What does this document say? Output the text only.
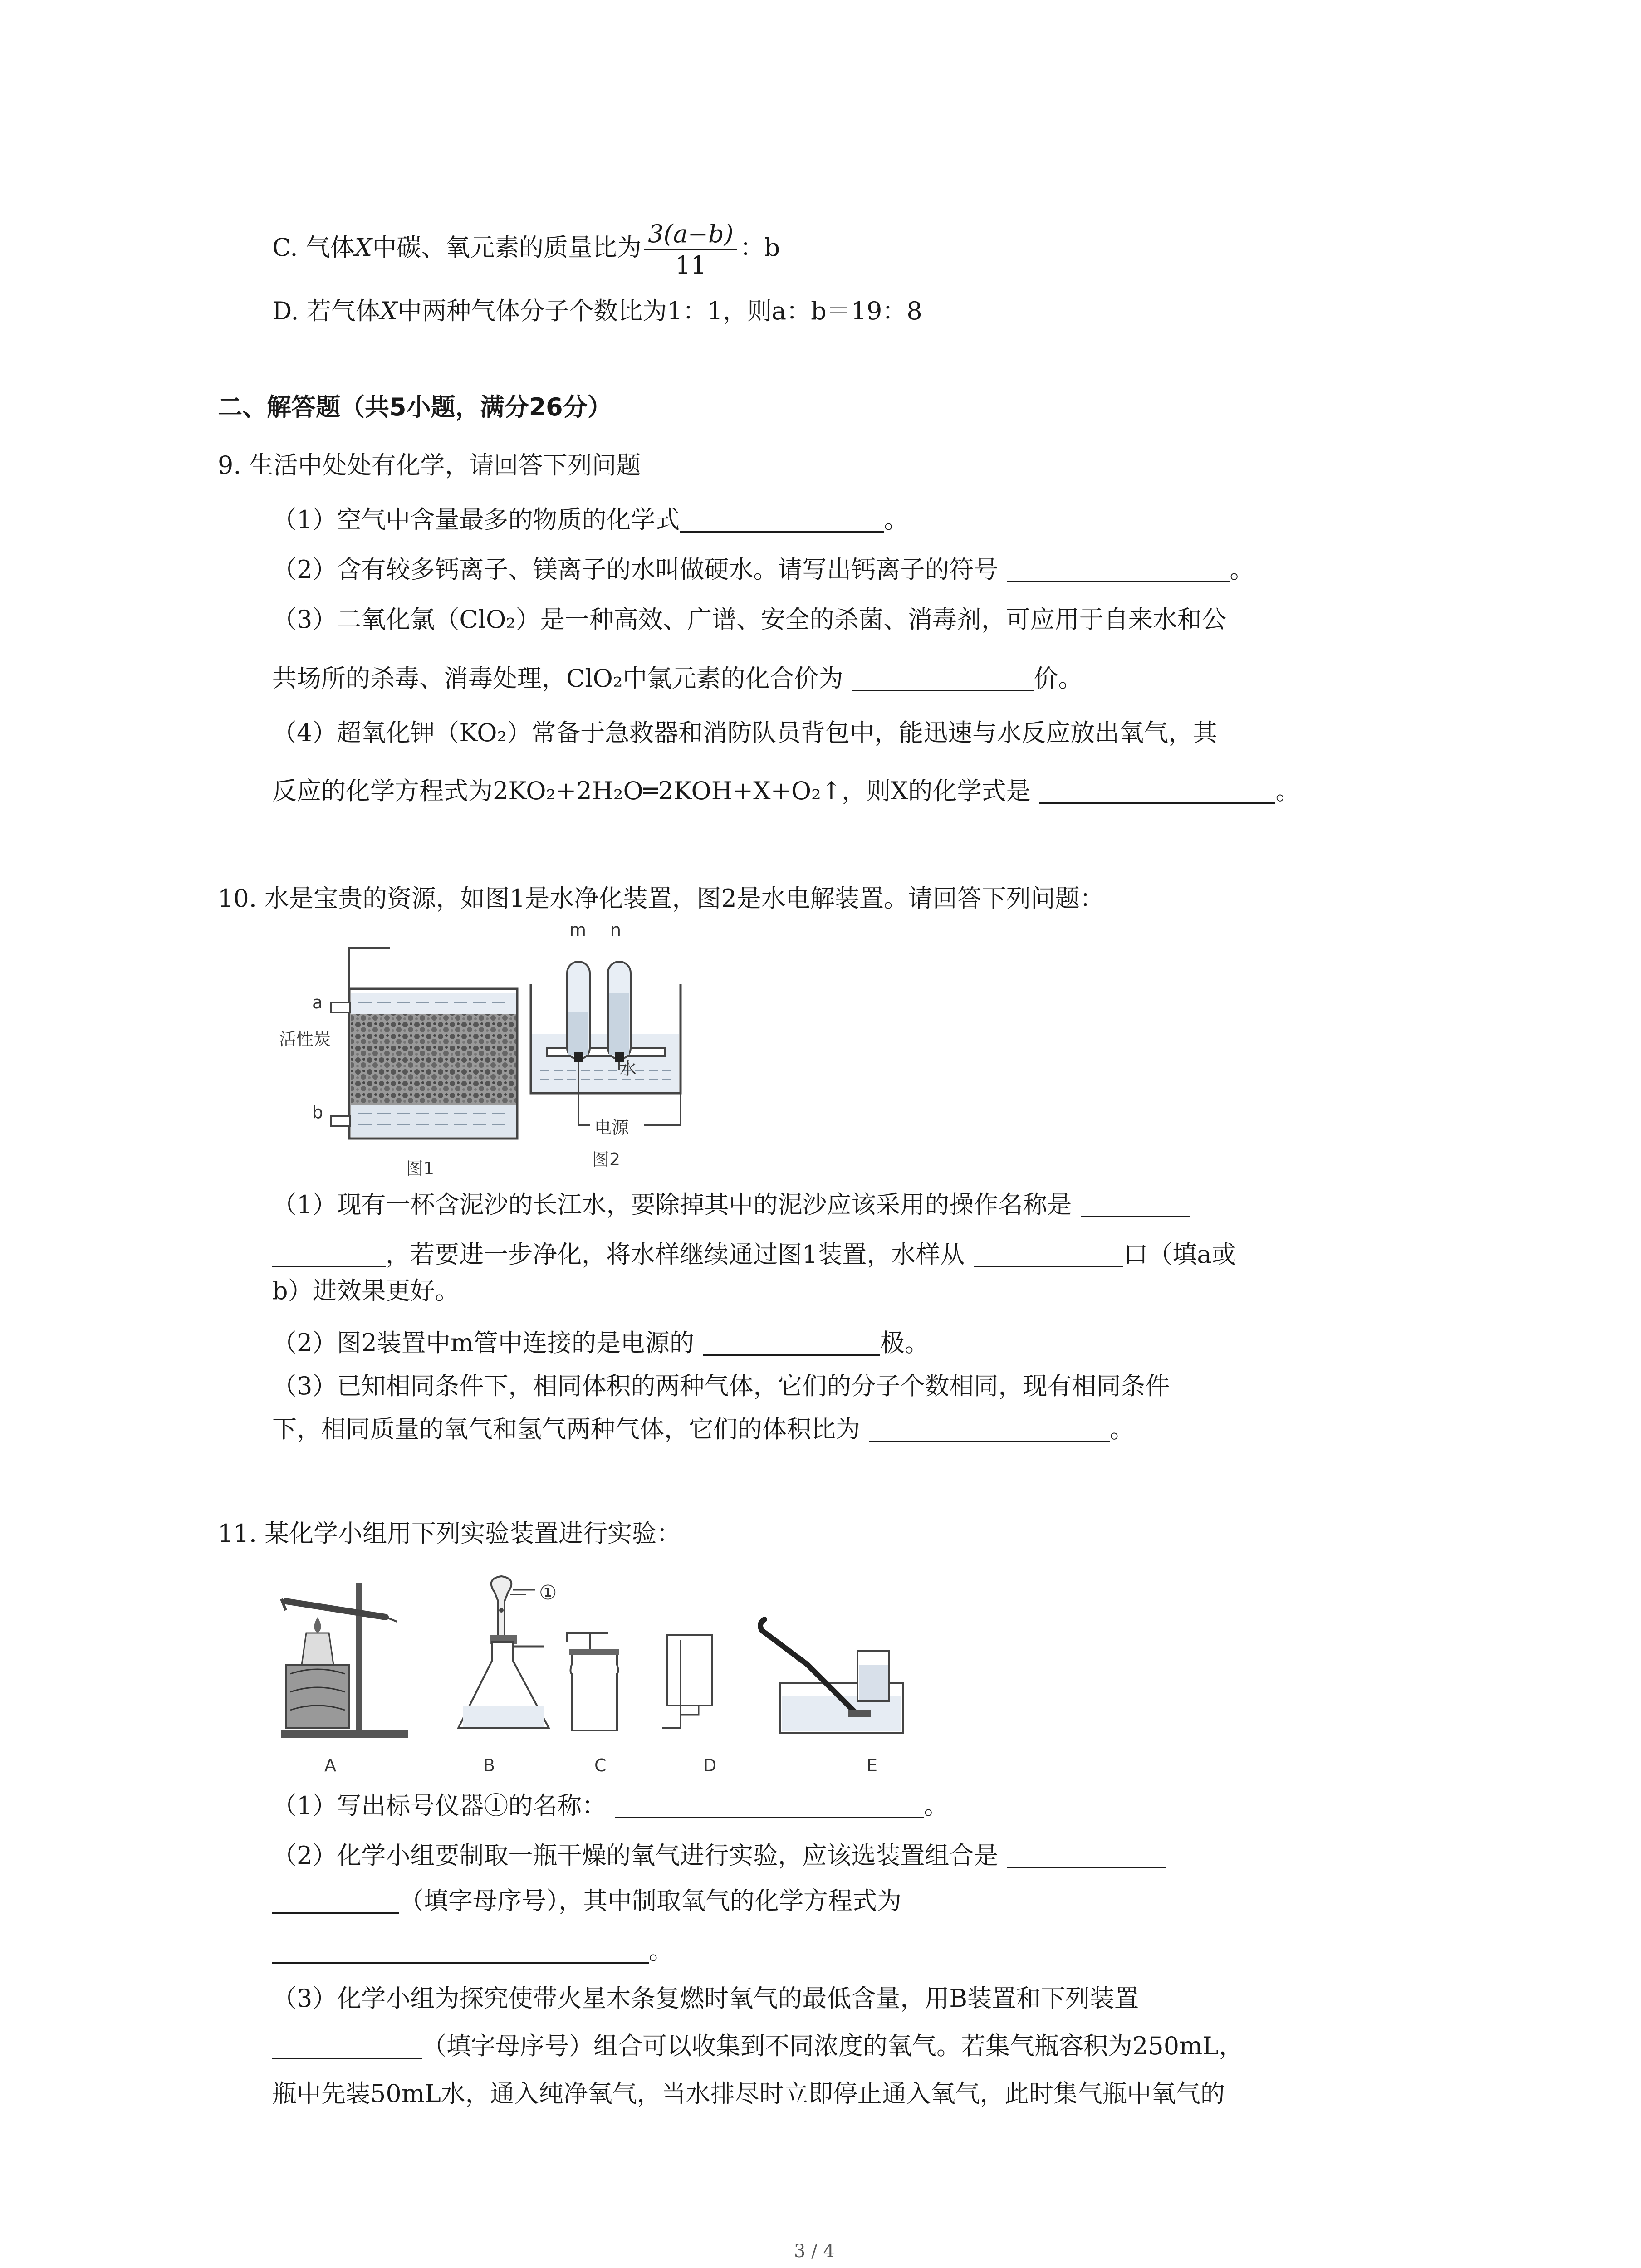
C. 气体X中碳、氧元素的质量比为 $\frac{3(a-b)}{11}$ ：b
D. 若气体X中两种气体分子个数比为1：1，则a：b＝19：8
二、解答题（共5小题，满分26分）
9. 生活中处处有化学，请回答下列问题
（1）空气中含量最多的物质的化学式	。
（2）含有较多钙离子、镁离子的水叫做硬水。请写出钙离子的符号	。
（3）二氧化氯（ClO₂）是一种高效、广谱、安全的杀菌、消毒剂，可应用于自来水和公
共场所的杀毒、消毒处理，ClO₂中氯元素的化合价为	价。
（4）超氧化钾（KO₂）常备于急救器和消防队员背包中，能迅速与水反应放出氧气，其
反应的化学方程式为2KO₂+2H₂O═2KOH+X+O₂↑，则X的化学式是	。
10. 水是宝贵的资源，如图1是水净化装置，图2是水电解装置。请回答下列问题：
a
活性炭
b
图1
m n
水
电源
图2
（1）现有一杯含泥沙的长江水，要除掉其中的泥沙应该采用的操作名称是
，若要进一步净化，将水样继续通过图1装置，水样从	口（填a或
b）进效果更好。
（2）图2装置中m管中连接的是电源的	极。
（3）已知相同条件下，相同体积的两种气体，它们的分子个数相同，现有相同条件
下，相同质量的氧气和氢气两种气体，它们的体积比为	。
11. 某化学小组用下列实验装置进行实验：
①
A	B	C	D	E
（1）写出标号仪器①的名称：	。
（2）化学小组要制取一瓶干燥的氧气进行实验，应该选装置组合是
（填字母序号），其中制取氧气的化学方程式为
。
（3）化学小组为探究使带火星木条复燃时氧气的最低含量，用B装置和下列装置
（填字母序号）组合可以收集到不同浓度的氧气。若集气瓶容积为250mL，
瓶中先装50mL水，通入纯净氧气，当水排尽时立即停止通入氧气，此时集气瓶中氧气的
3 / 4
